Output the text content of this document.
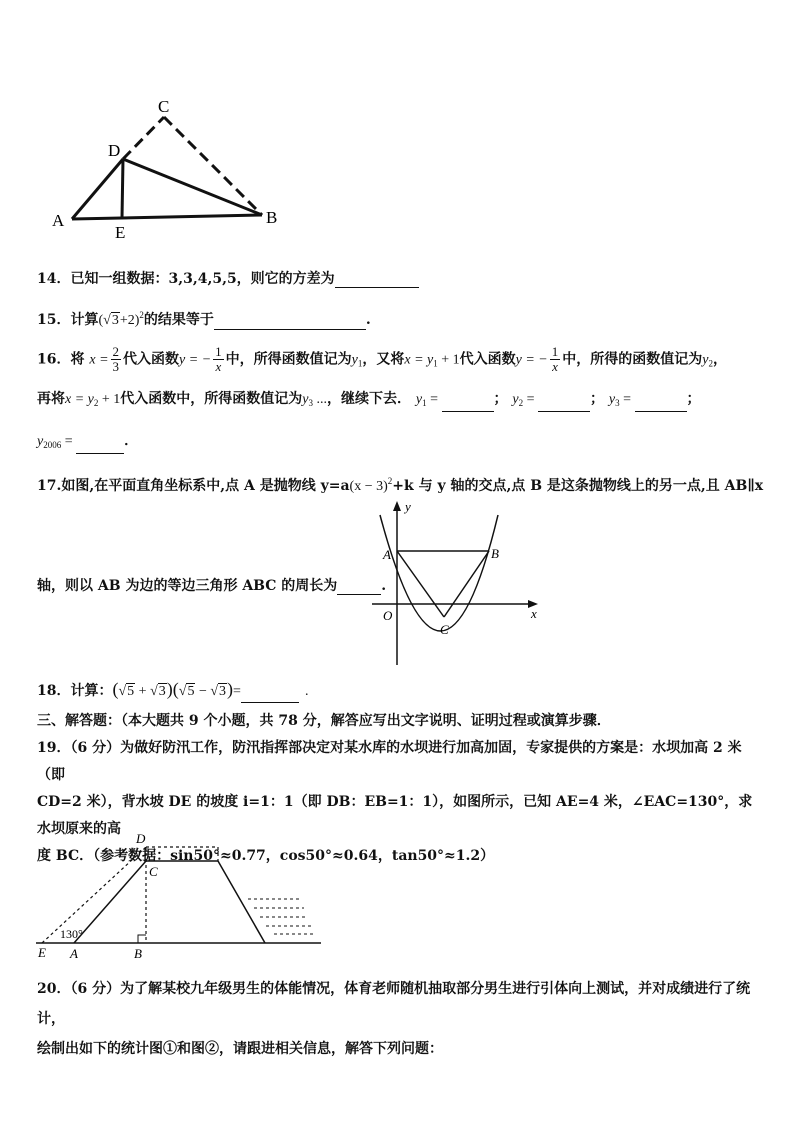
C
D
A	B
E
14．已知一组数据：3,3,4,5,5，则它的方差为
15．计算$(√3+2)^2$的结果等于	.
16．将 $x = \frac{2}{3}$ 代入函数y = − $\frac{1}{x}$ 中，所得函数值记为$y_1$，又将$x = y_1 + 1$代入函数y = − $\frac{1}{x}$ 中，所得的函数值记为$y_2$，
再将$x = y_2 + 1$代入函数中，所得函数值记为$y_3$ ...，继续下去． $y_1$ =	； $y_2$ =	； $y_3$ =	；
$y_{2006}$ =	．
17.如图,在平面直角坐标系中,点 A 是抛物线 $y=a(x - 3)^2+k$ 与 y 轴的交点,点 B 是这条抛物线上的另一点,且 AB∥x
轴，则以 AB 为边的等边三角形 ABC 的周长为	.
y
A	B
O
C
x
18．计算：(√5 + √3)(√5 − √3)=	.
三、解答题：（本大题共 9 个小题，共 78 分，解答应写出文字说明、证明过程或演算步骤．
19．（6 分）为做好防汛工作，防汛指挥部决定对某水库的水坝进行加高加固，专家提供的方案是：水坝加高 2 米（即
CD=2 米），背水坡 DE 的坡度 i=1：1（即 DB：EB=1：1），如图所示，已知 AE=4 米，∠EAC=130°，求水坝原来的高
度 BC．（参考数据：sin50°≈0.77，cos50°≈0.64，tan50°≈1.2）
D
C
E A	B
130°
20．（6 分）为了解某校九年级男生的体能情况，体育老师随机抽取部分男生进行引体向上测试，并对成绩进行了统计，
绘制出如下的统计图①和图②，请跟进相关信息，解答下列问题：
